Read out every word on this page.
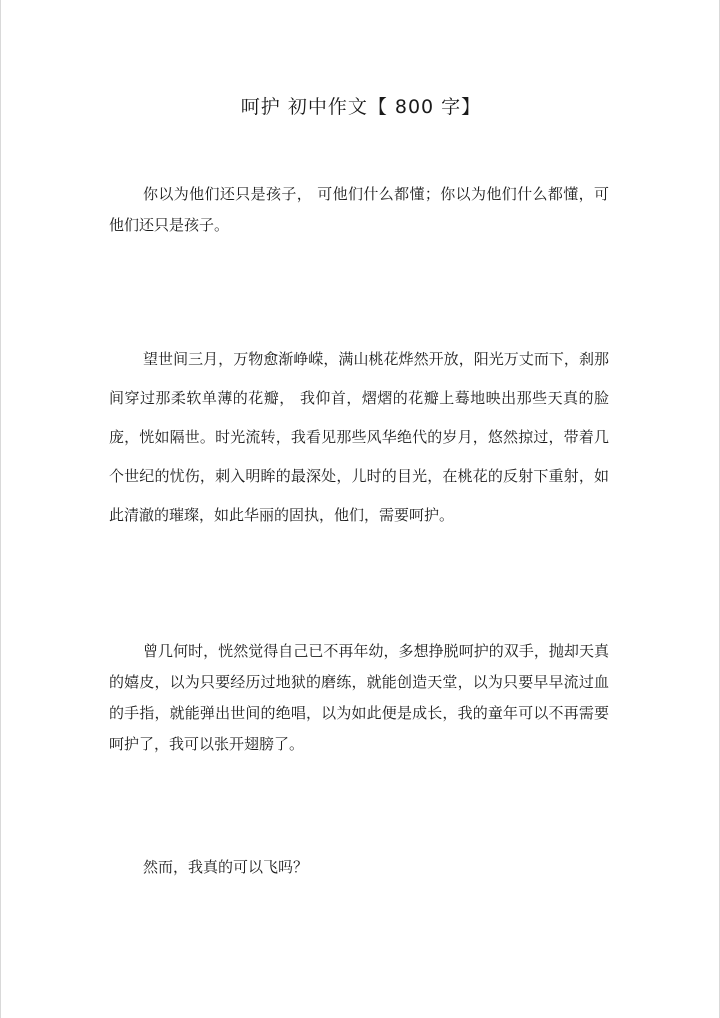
呵护 初中作文【 800 字】

你以为他们还只是孩子， 可他们什么都懂；你以为他们什么都懂，可他们还只是孩子。

望世间三月，万物愈渐峥嵘，满山桃花烨然开放，阳光万丈而下，刹那间穿过那柔软单薄的花瓣， 我仰首，熠熠的花瓣上蓦地映出那些天真的脸庞，恍如隔世。时光流转，我看见那些风华绝代的岁月，悠然掠过，带着几个世纪的忧伤，刺入明眸的最深处，儿时的目光，在桃花的反射下重射，如此清澈的璀璨，如此华丽的固执，他们，需要呵护。

曾几何时，恍然觉得自己已不再年幼，多想挣脱呵护的双手，抛却天真的嬉皮，以为只要经历过地狱的磨练，就能创造天堂，以为只要早早流过血的手指，就能弹出世间的绝唱，以为如此便是成长，我的童年可以不再需要呵护了，我可以张开翅膀了。

然而，我真的可以飞吗？
